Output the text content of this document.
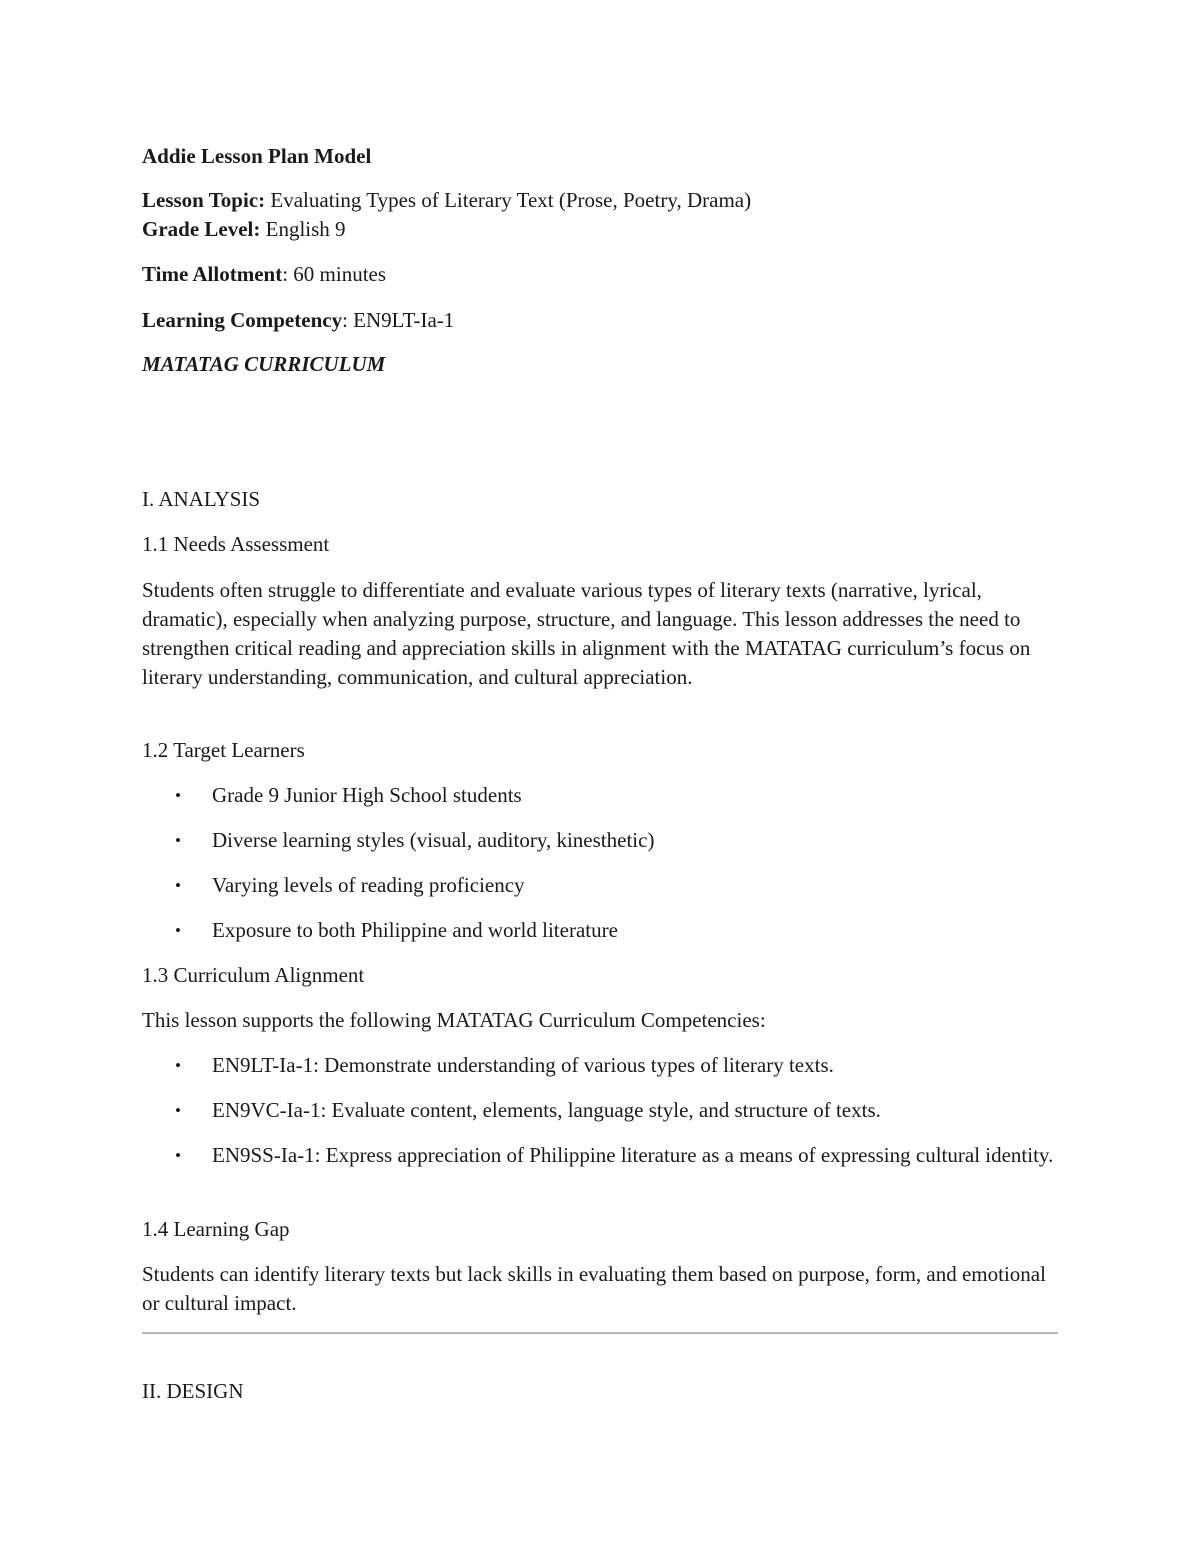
Addie Lesson Plan Model
Lesson Topic: Evaluating Types of Literary Text (Prose, Poetry, Drama)
Grade Level: English 9
Time Allotment: 60 minutes
Learning Competency: EN9LT-Ia-1
MATATAG CURRICULUM
I. ANALYSIS
1.1 Needs Assessment
Students often struggle to differentiate and evaluate various types of literary texts (narrative, lyrical, dramatic), especially when analyzing purpose, structure, and language. This lesson addresses the need to strengthen critical reading and appreciation skills in alignment with the MATATAG curriculum’s focus on literary understanding, communication, and cultural appreciation.
1.2 Target Learners
• Grade 9 Junior High School students
• Diverse learning styles (visual, auditory, kinesthetic)
• Varying levels of reading proficiency
• Exposure to both Philippine and world literature
1.3 Curriculum Alignment
This lesson supports the following MATATAG Curriculum Competencies:
• EN9LT-Ia-1: Demonstrate understanding of various types of literary texts.
• EN9VC-Ia-1: Evaluate content, elements, language style, and structure of texts.
• EN9SS-Ia-1: Express appreciation of Philippine literature as a means of expressing cultural identity.
1.4 Learning Gap
Students can identify literary texts but lack skills in evaluating them based on purpose, form, and emotional or cultural impact.
II. DESIGN
